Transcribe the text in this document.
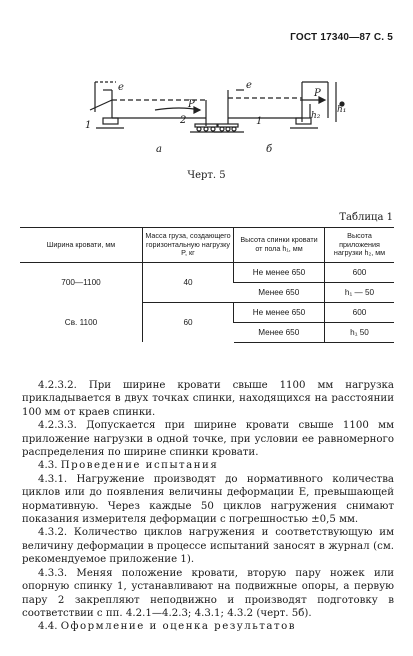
ГОСТ 17340—87 С. 5
е
P
1	2
а
е
P
1
б
h₂
h₁
Черт. 5
Таблица 1
Ширина кровати, мм	Масса груза, создающего горизонтальную нагрузку P, кг	Высота спинки кровати от пола h₁, мм	Высота приложения нагрузки h₂, мм
700—1100	40	Не менее 650	600
		Менее 650	h₁ — 50
Св. 1100	60	Не менее 650	600
		Менее 650	h₁ 50

4.2.3.2. При ширине кровати свыше 1100 мм нагрузка прикладывается в двух точках спинки, находящихся на расстоянии 100 мм от краев спинки.

4.2.3.3. Допускается при ширине кровати свыше 1100 мм приложение нагрузки в одной точке, при условии ее равномерного распределения по ширине спинки кровати.

4.3. Проведение испытания

4.3.1. Нагружение производят до нормативного количества циклов или до появления величины деформации Е, превышающей нормативную. Через каждые 50 циклов нагружения снимают показания измерителя деформации с погрешностью ±0,5 мм.

4.3.2. Количество циклов нагружения и соответствующую им величину деформации в процессе испытаний заносят в журнал (см. рекомендуемое приложение 1).

4.3.3. Меняя положение кровати, вторую пару ножек или опорную спинку 1, устанавливают на подвижные опоры, а первую пару 2 закрепляют неподвижно и производят подготовку в соответствии с пп. 4.2.1—4.2.3; 4.3.1; 4.3.2 (черт. 5б).

4.4. Оформление и оценка результатов
